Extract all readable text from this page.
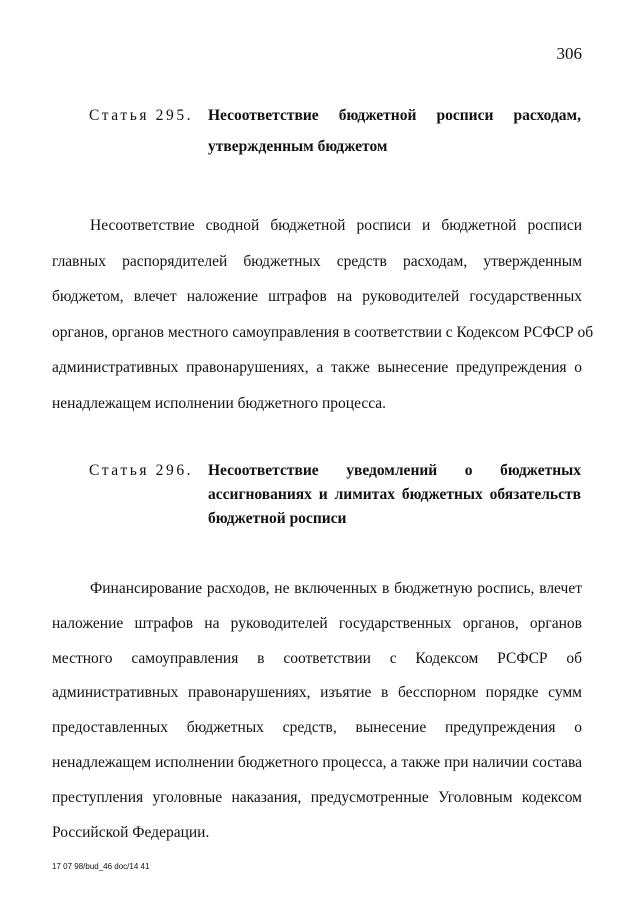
306
Статья 295. Несоответствие бюджетной росписи расходам,
утвержденным бюджетом
Несоответствие сводной бюджетной росписи и бюджетной росписи
главных распорядителей бюджетных средств расходам, утвержденным
бюджетом, влечет наложение штрафов на руководителей государственных
органов, органов местного самоуправления в соответствии с Кодексом РСФСР об
административных правонарушениях, а также вынесение предупреждения о
ненадлежащем исполнении бюджетного процесса.
Статья 296. Несоответствие уведомлений о бюджетных
ассигнованиях и лимитах бюджетных обязательств
бюджетной росписи
Финансирование расходов, не включенных в бюджетную роспись, влечет
наложение штрафов на руководителей государственных органов, органов
местного самоуправления в соответствии с Кодексом РСФСР об
административных правонарушениях, изъятие в бесспорном порядке сумм
предоставленных бюджетных средств, вынесение предупреждения о
ненадлежащем исполнении бюджетного процесса, а также при наличии состава
преступления уголовные наказания, предусмотренные Уголовным кодексом
Российской Федерации.
17 07 98/bud_46 doc/14 41
